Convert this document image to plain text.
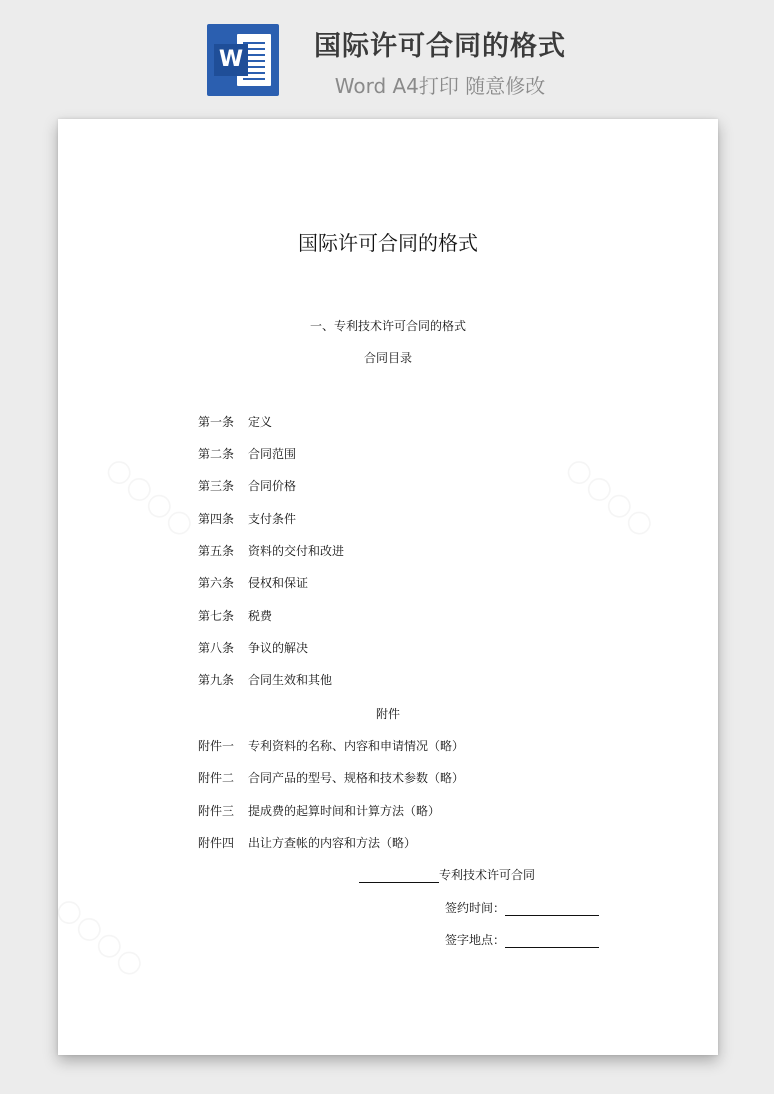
W	国际许可合同的格式
Word A4打印 随意修改
国际许可合同的格式
一、专利技术许可合同的格式
合同目录
第一条 定义
第二条 合同范围
第三条 合同价格
第四条 支付条件
第五条 资料的交付和改进
第六条 侵权和保证
第七条 税费
第八条 争议的解决
第九条 合同生效和其他
附件
附件一 专利资料的名称、内容和申请情况（略）
附件二 合同产品的型号、规格和技术参数（略）
附件三 提成费的起算时间和计算方法（略）
附件四 出让方查帐的内容和方法（略）
专利技术许可合同
签约时间：
签字地点：
